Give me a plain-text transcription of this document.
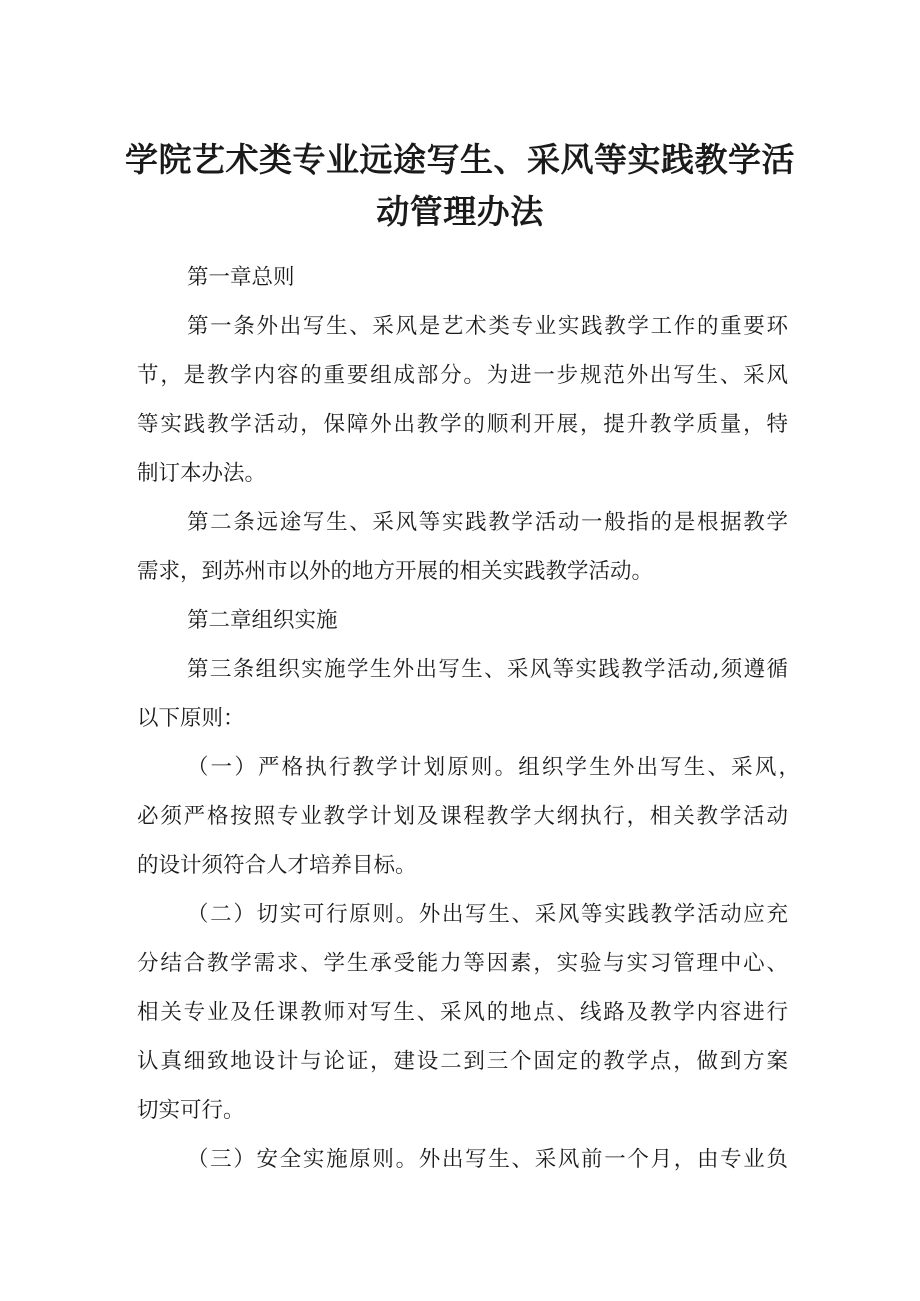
学院艺术类专业远途写生、采风等实践教学活
动管理办法

第一章总则

第一条外出写生、采风是艺术类专业实践教学工作的重要环

节，是教学内容的重要组成部分。为进一步规范外出写生、采风

等实践教学活动，保障外出教学的顺利开展，提升教学质量，特

制订本办法。

第二条远途写生、采风等实践教学活动一般指的是根据教学

需求，到苏州市以外的地方开展的相关实践教学活动。

第二章组织实施

第三条组织实施学生外出写生、采风等实践教学活动,须遵循

以下原则：

（一）严格执行教学计划原则。组织学生外出写生、采风，

必须严格按照专业教学计划及课程教学大纲执行，相关教学活动

的设计须符合人才培养目标。

（二）切实可行原则。外出写生、采风等实践教学活动应充

分结合教学需求、学生承受能力等因素，实验与实习管理中心、

相关专业及任课教师对写生、采风的地点、线路及教学内容进行

认真细致地设计与论证，建设二到三个固定的教学点，做到方案

切实可行。

（三）安全实施原则。外出写生、采风前一个月，由专业负
